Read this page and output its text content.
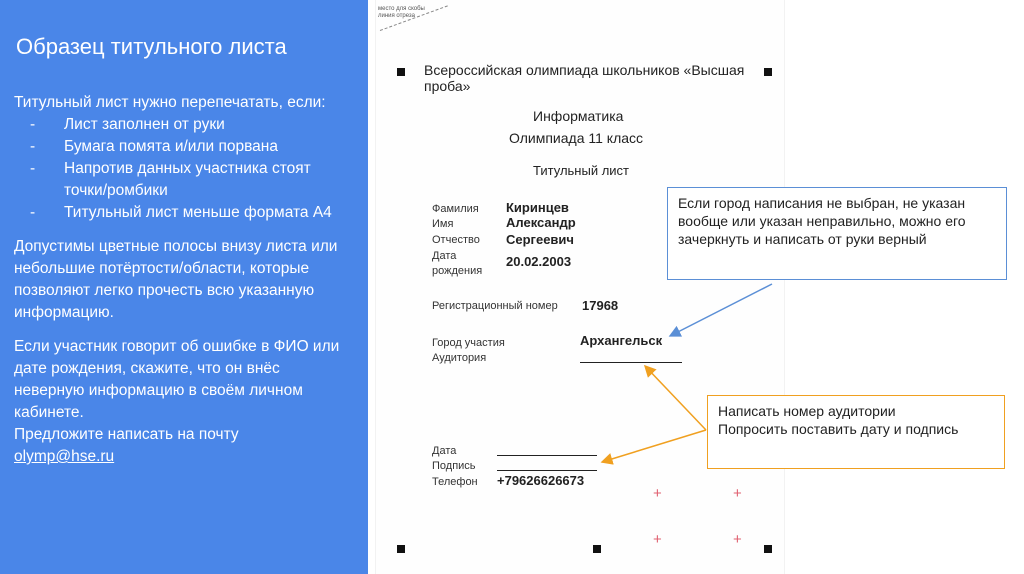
Образец титульного листа

Титульный лист нужно перепечатать, если:

- Лист заполнен от руки
- Бумага помята и/или порвана
- Напротив данных участника стоят точки/ромбики
- Титульный лист меньше формата А4

Допустимы цветные полосы внизу листа или небольшие потёртости/области, которые позволяют легко прочесть всю указанную информацию.

Если участник говорит об ошибке в ФИО или дате рождения, скажите, что он внёс неверную информацию в своём личном кабинете.

Предложите написать на почту

olymp@hse.ru

место для скобы
линия отреза
Всероссийская олимпиада школьников «Высшая проба»
Информатика
Олимпиада 11 класс
Титульный лист
Фамилия Киринцев
Имя	Александр
Отчество Сергеевич
Дата
рождения
20.02.2003
Регистрационный номер 17968
Город участия	Архангельск
Аудитория
Дата
Подпись
Телефон +79626626673
+	+
+	+
Если город написания не выбран, не указан вообще или указан неправильно, можно его зачеркнуть и написать от руки верный
Написать номер аудитории
Попросить поставить дату и подпись
